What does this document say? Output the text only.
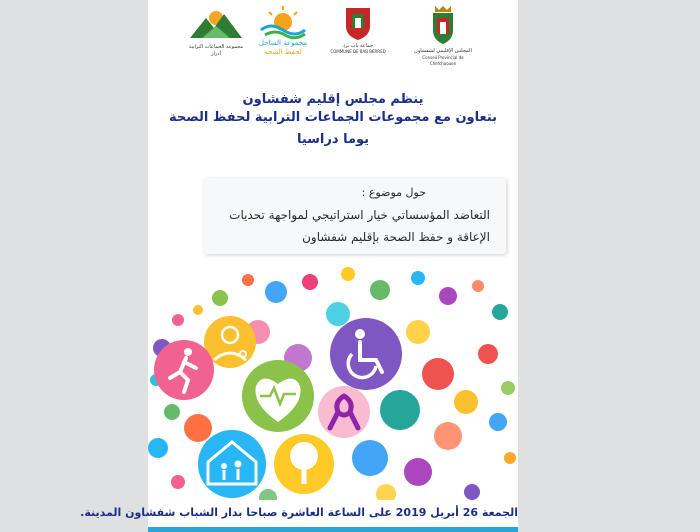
مجموعة الجماعات الترابية
أدرار
مجموعة الساحل
لحفظ الصحة
جماعة باب برد
COMMUNE DE BAB BERRED	المجلس الإقليمي لشفشاون
Conseil Provincial de Chefchaouen
ينظم مجلس إقليم شفشاون
بتعاون مع مجموعات الجماعات الترابية لحفظ الصحة
يوما دراسيا
حول موضوع :
التعاضد المؤسساتي خيار استراتيجي لمواجهة تحديات
الإعاقة و حفظ الصحة بإقليم شفشاون
الجمعة 26 أبريل 2019 على الساعة العاشرة صباحا بدار الشباب شفشاون المدينة.
